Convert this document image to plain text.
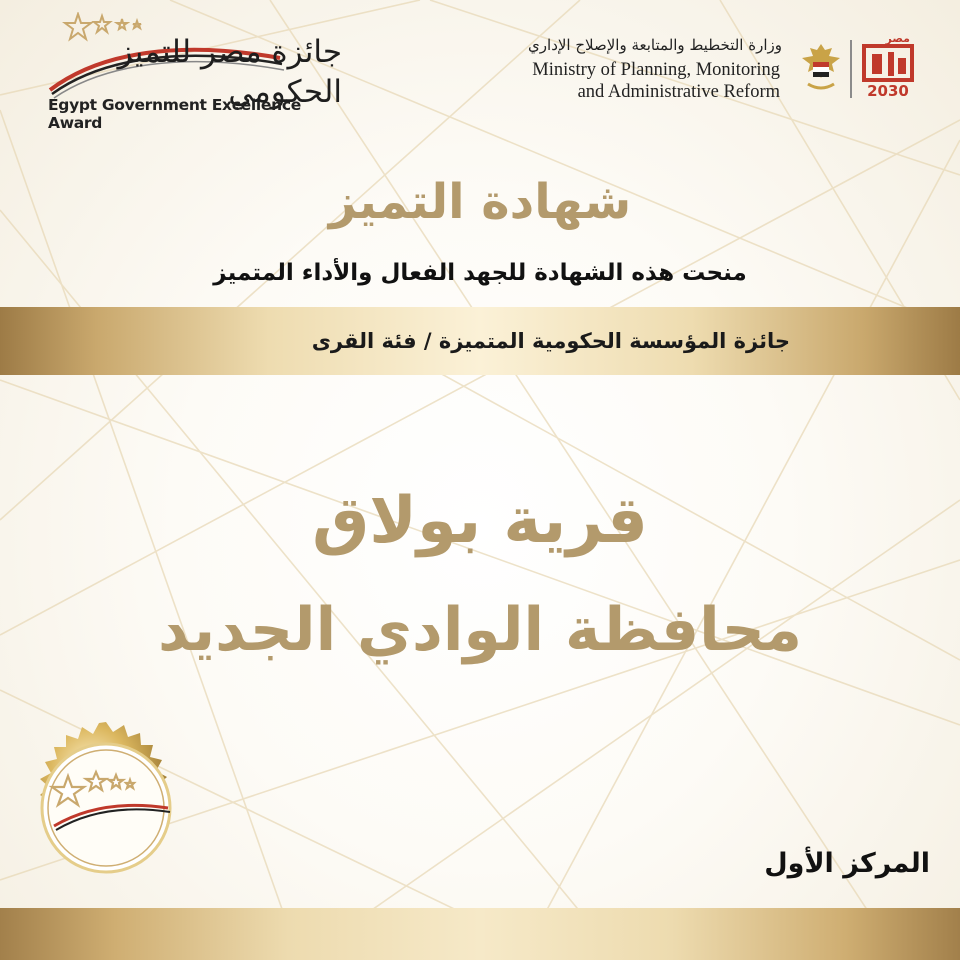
جائزة مصر للتميز الحكومي
Egypt Government Excellence Award
وزارة التخطيط والمتابعة والإصلاح الإداري
Ministry of Planning, Monitoring
and Administrative Reform
مصر
2030
شهادة التميز
منحت هذه الشهادة للجهد الفعال والأداء المتميز
جائزة المؤسسة الحكومية المتميزة / فئة القرى
قرية بولاق
محافظة الوادي الجديد
المركز الأول
